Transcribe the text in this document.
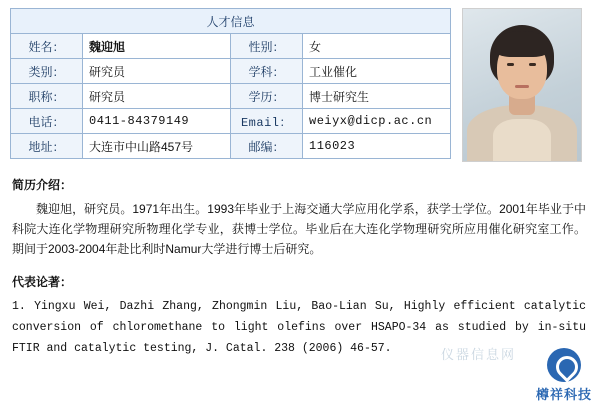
人才信息			
姓名：	魏迎旭	性别：	女
类别：	研究员	学科：	工业催化
职称：	研究员	学历：	博士研究生
电话：	0411-84379149	Email：	weiyx@dicp.ac.cn
地址：	大连市中山路457号	邮编：	116023
简历介绍：
魏迎旭，研究员。1971年出生。1993年毕业于上海交通大学应用化学系，获学士学位。2001年毕业于中科院大连化学物理研究所物理化学专业，获博士学位。毕业后在大连化学物理研究所应用催化研究室工作。期间于2003-2004年赴比利时Namur大学进行博士后研究。
代表论著：
1. Yingxu Wei, Dazhi Zhang, Zhongmin Liu, Bao-Lian Su, Highly efficient catalytic conversion of chloromethane to light olefins over HSAPO-34 as studied by in-situ FTIR and catalytic testing, J. Catal. 238 (2006) 46-57.	仪器信息网
樽祥科技
